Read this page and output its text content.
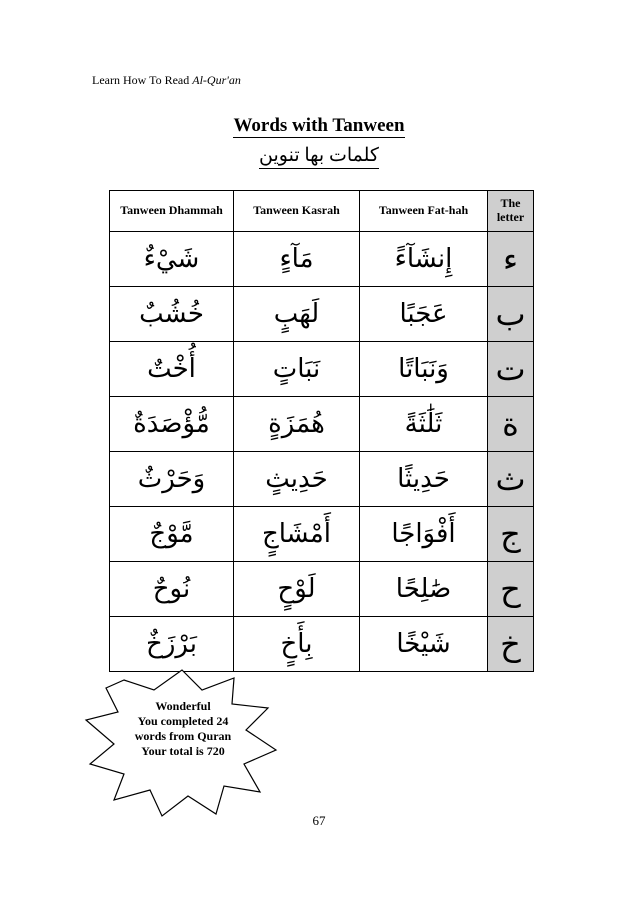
Learn How To Read Al-Qur'an
Words with Tanween
كلمات بها تنوين
Tanween Dhammah	Tanween Kasrah	Tanween Fat-hah	The letter
شَيْءٌ	مَآءٍ	إِنشَآءً	ء
خُشُبٌ	لَهَبٍ	عَجَبًا	ب
أُخْتٌ	نَبَاتٍ	وَنَبَاتًا	ت
مُّؤْصَدَةٌ	هُمَزَةٍ	ثَلَٰثَةً	ة
وَحَرْثٌ	حَدِيثٍ	حَدِيثًا	ث
مَّوْجٌ	أَمْشَاجٍ	أَفْوَاجًا	ج
نُوحٌ	لَوْحٍ	صَٰلِحًا	ح
بَرْزَخٌ	بِأَخٍ	شَيْخًا	خ
Wonderful
You completed 24
words from Quran
Your total is 720
67
